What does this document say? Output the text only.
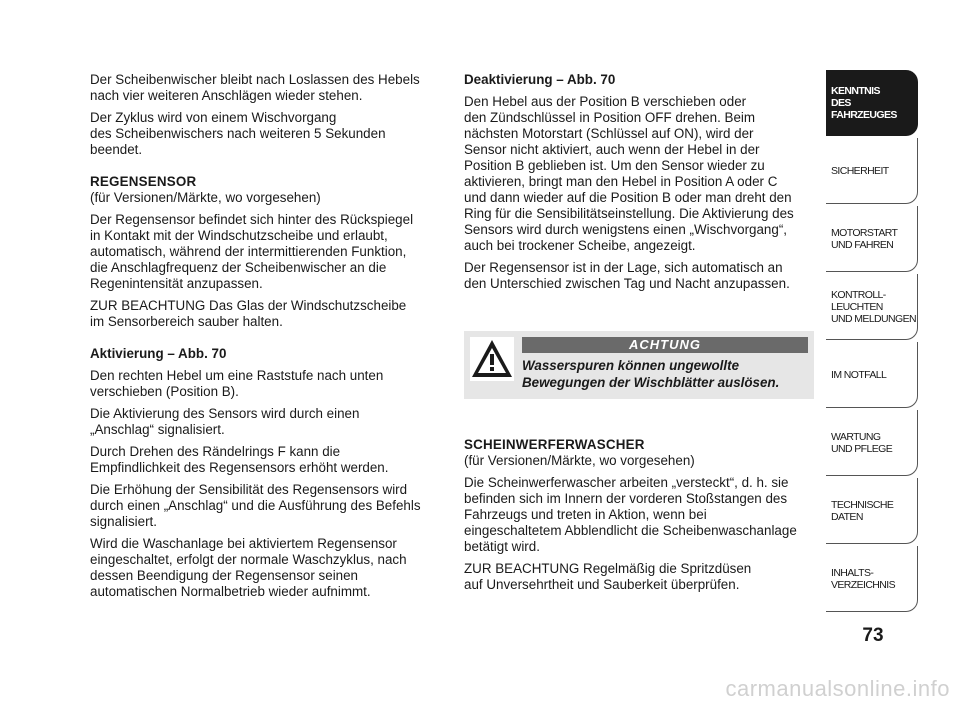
Der Scheibenwischer bleibt nach Loslassen des Hebels
nach vier weiteren Anschlägen wieder stehen.

Der Zyklus wird von einem Wischvorgang
des Scheibenwischers nach weiteren 5 Sekunden
beendet.

REGENSENSOR

(für Versionen/Märkte, wo vorgesehen)

Der Regensensor befindet sich hinter des Rückspiegel
in Kontakt mit der Windschutzscheibe und erlaubt,
automatisch, während der intermittierenden Funktion,
die Anschlagfrequenz der Scheibenwischer an die
Regenintensität anzupassen.

ZUR BEACHTUNG Das Glas der Windschutzscheibe
im Sensorbereich sauber halten.

Aktivierung – Abb. 70

Den rechten Hebel um eine Raststufe nach unten
verschieben (Position B).

Die Aktivierung des Sensors wird durch einen
„Anschlag“ signalisiert.

Durch Drehen des Rändelrings F kann die
Empfindlichkeit des Regensensors erhöht werden.

Die Erhöhung der Sensibilität des Regensensors wird
durch einen „Anschlag“ und die Ausführung des Befehls
signalisiert.

Wird die Waschanlage bei aktiviertem Regensensor
eingeschaltet, erfolgt der normale Waschzyklus, nach
dessen Beendigung der Regensensor seinen
automatischen Normalbetrieb wieder aufnimmt.

Deaktivierung – Abb. 70

Den Hebel aus der Position B verschieben oder
den Zündschlüssel in Position OFF drehen. Beim
nächsten Motorstart (Schlüssel auf ON), wird der
Sensor nicht aktiviert, auch wenn der Hebel in der
Position B geblieben ist. Um den Sensor wieder zu
aktivieren, bringt man den Hebel in Position A oder C
und dann wieder auf die Position B oder man dreht den
Ring für die Sensibilitätseinstellung. Die Aktivierung des
Sensors wird durch wenigstens einen „Wischvorgang“,
auch bei trockener Scheibe, angezeigt.

Der Regensensor ist in der Lage, sich automatisch an
den Unterschied zwischen Tag und Nacht anzupassen.

ACHTUNG
Wasserspuren können ungewollte
Bewegungen der Wischblätter auslösen.

SCHEINWERFERWASCHER

(für Versionen/Märkte, wo vorgesehen)

Die Scheinwerferwascher arbeiten „versteckt“, d. h. sie
befinden sich im Innern der vorderen Stoßstangen des
Fahrzeugs und treten in Aktion, wenn bei
eingeschaltetem Abblendlicht die Scheibenwaschanlage
betätigt wird.

ZUR BEACHTUNG Regelmäßig die Spritzdüsen
auf Unversehrtheit und Sauberkeit überprüfen.

KENNTNIS
DES FAHRZEUGES
SICHERHEIT
MOTORSTART
UND FAHREN
KONTROLL-
LEUCHTEN
UND MELDUNGEN
IM NOTFALL
WARTUNG
UND PFLEGE
TECHNISCHE
DATEN
INHALTS-
VERZEICHNIS
73
carmanualsonline.info
